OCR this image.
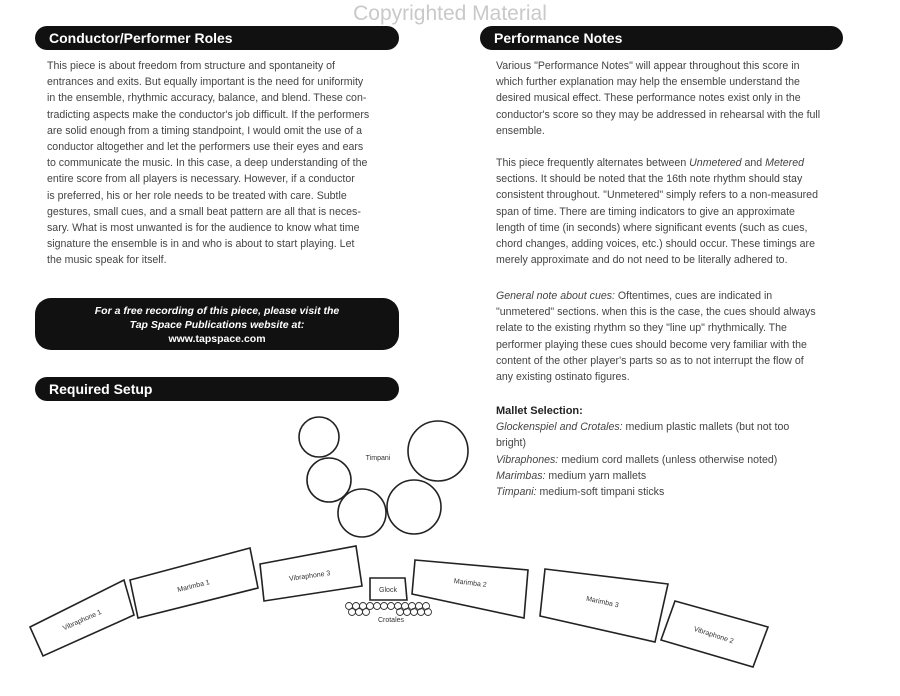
Copyrighted Material
Conductor/Performer Roles

This piece is about freedom from structure and spontaneity of

entrances and exits. But equally important is the need for uniformity

in the ensemble, rhythmic accuracy, balance, and blend. These con-

tradicting aspects make the conductor's job difficult. If the performers

are solid enough from a timing standpoint, I would omit the use of a

conductor altogether and let the performers use their eyes and ears

to communicate the music. In this case, a deep understanding of the

entire score from all players is necessary. However, if a conductor

is preferred, his or her role needs to be treated with care. Subtle

gestures, small cues, and a small beat pattern are all that is neces-

sary. What is most unwanted is for the audience to know what time

signature the ensemble is in and who is about to start playing. Let

the music speak for itself.

For a free recording of this piece, please visit the
Tap Space Publications website at:
www.tapspace.com
Required Setup
Timpani
Vibraphone 1
Marimba 1
Vibraphone 3
Glock
Crotales
Marimba 2
Marimba 3
Vibraphone 2
Performance Notes

Various "Performance Notes" will appear throughout this score in

which further explanation may help the ensemble understand the

desired musical effect. These performance notes exist only in the

conductor's score so they may be addressed in rehearsal with the full

ensemble.

This piece frequently alternates between Unmetered and Metered

sections. It should be noted that the 16th note rhythm should stay

consistent throughout. "Unmetered" simply refers to a non-measured

span of time. There are timing indicators to give an approximate

length of time (in seconds) where significant events (such as cues,

chord changes, adding voices, etc.) should occur. These timings are

merely approximate and do not need to be literally adhered to.

General note about cues: Oftentimes, cues are indicated in

"unmetered" sections. when this is the case, the cues should always

relate to the existing rhythm so they "line up" rhythmically. The

performer playing these cues should become very familiar with the

content of the other player's parts so as to not interrupt the flow of

any existing ostinato figures.

Mallet Selection:

Glockenspiel and Crotales: medium plastic mallets (but not too

bright)

Vibraphones: medium cord mallets (unless otherwise noted)

Marimbas: medium yarn mallets

Timpani: medium-soft timpani sticks
